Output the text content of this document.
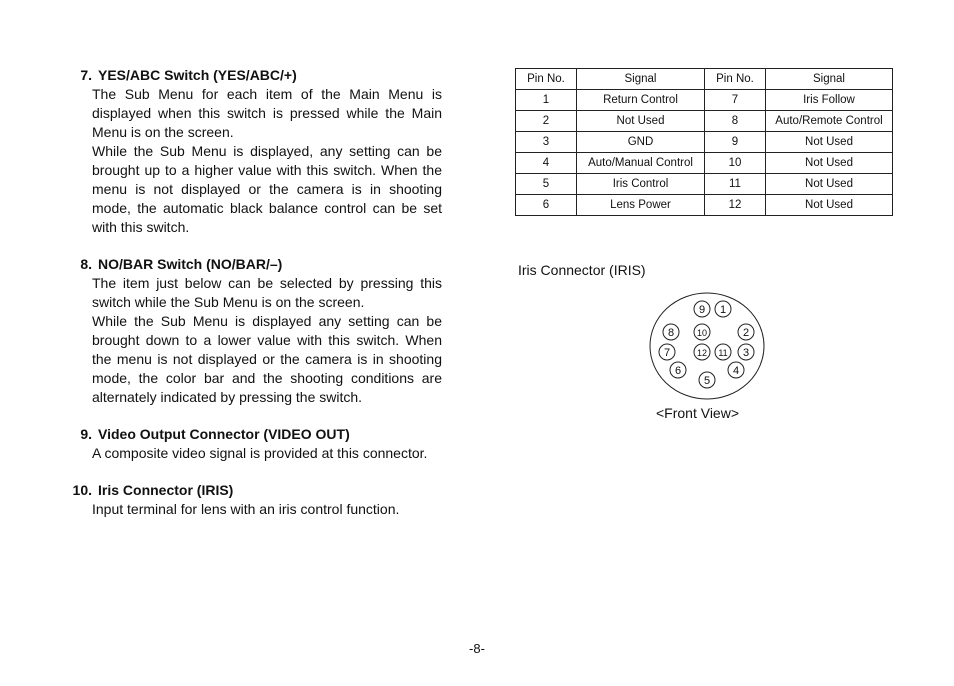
7. YES/ABC Switch (YES/ABC/+)

The Sub Menu for each item of the Main Menu is displayed when this switch is pressed while the Main Menu is on the screen.

While the Sub Menu is displayed, any setting can be brought up to a higher value with this switch. When the menu is not displayed or the camera is in shooting mode, the automatic black balance control can be set with this switch.

8. NO/BAR Switch (NO/BAR/–)

The item just below can be selected by pressing this switch while the Sub Menu is on the screen.

While the Sub Menu is displayed any setting can be brought down to a lower value with this switch. When the menu is not displayed or the camera is in shooting mode, the color bar and the shooting conditions are alternately indicated by pressing the switch.

9. Video Output Connector (VIDEO OUT)

A composite video signal is provided at this connector.

10. Iris Connector (IRIS)

Input terminal for lens with an iris control function.

Pin No.	Signal	Pin No.	Signal
1	Return Control	7	Iris Follow
2	Not Used	8	Auto/Remote Control
3	GND	9	Not Used
4	Auto/Manual Control	10	Not Used
5	Iris Control	11	Not Used
6	Lens Power	12	Not Used
Iris Connector (IRIS)
1
2
3
4
5
6
7
8
9
10
11
12
<Front View>
-8-
